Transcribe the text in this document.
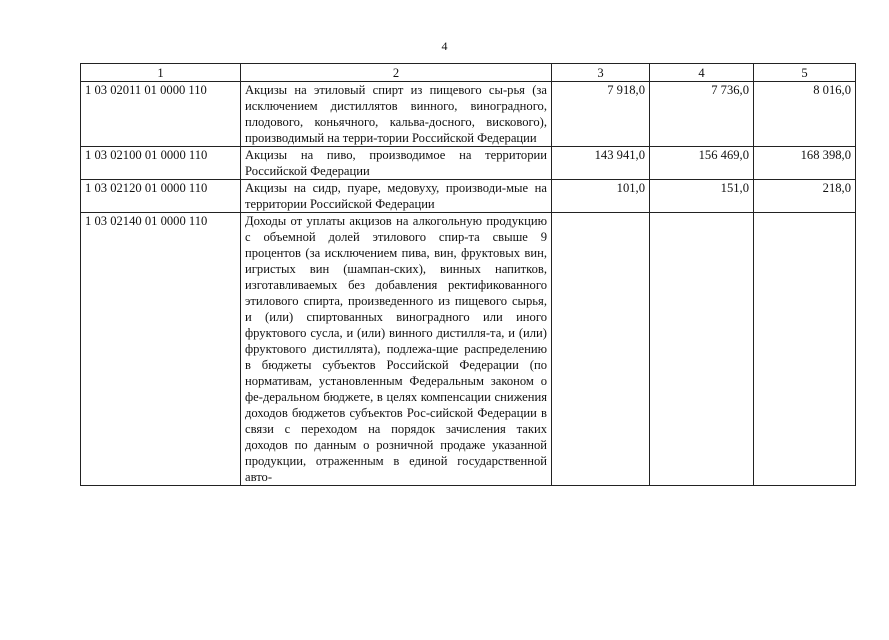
4
1	2	3	4	5
1 03 02011 01 0000 110	Акцизы на этиловый спирт из пищевого сы-рья (за исключением дистиллятов винного, виноградного, плодового, коньячного, кальва-досного, вискового), производимый на терри-тории Российской Федерации	7 918,0	7 736,0	8 016,0
1 03 02100 01 0000 110	Акцизы на пиво, производимое на территории Российской Федерации	143 941,0	156 469,0	168 398,0
1 03 02120 01 0000 110	Акцизы на сидр, пуаре, медовуху, производи-мые на территории Российской Федерации	101,0	151,0	218,0
1 03 02140 01 0000 110	Доходы от уплаты акцизов на алкогольную продукцию с объемной долей этилового спир-та свыше 9 процентов (за исключением пива, вин, фруктовых вин, игристых вин (шампан-ских), винных напитков, изготавливаемых без добавления ректификованного этилового спирта, произведенного из пищевого сырья, и (или) спиртованных виноградного или иного фруктового сусла, и (или) винного дистилля-та, и (или) фруктового дистиллята), подлежа-щие распределению в бюджеты субъектов Российской Федерации (по нормативам, установленным Федеральным законом о фе-деральном бюджете, в целях компенсации снижения доходов бюджетов субъектов Рос-сийской Федерации в связи с переходом на порядок зачисления таких доходов по данным о розничной продаже указанной продукции, отраженным в единой государственной авто-			
